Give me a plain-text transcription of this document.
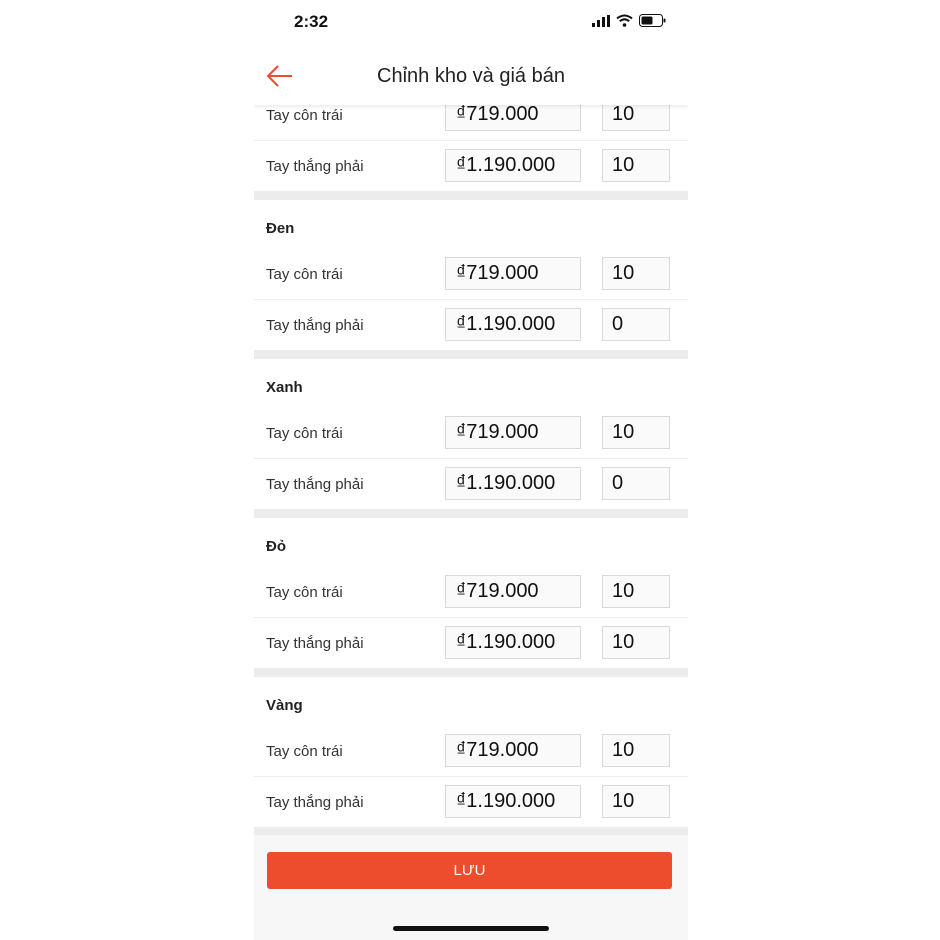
2:32
Chỉnh kho và giá bán
Tay côn trái	₫719.000	10
Tay thắng phải	₫1.190.000	10
Đen
Tay côn trái	₫719.000	10
Tay thắng phải	₫1.190.000	0
Xanh
Tay côn trái	₫719.000	10
Tay thắng phải	₫1.190.000	0
Đỏ
Tay côn trái	₫719.000	10
Tay thắng phải	₫1.190.000	10
Vàng
Tay côn trái	₫719.000	10
Tay thắng phải	₫1.190.000	10
LƯU
